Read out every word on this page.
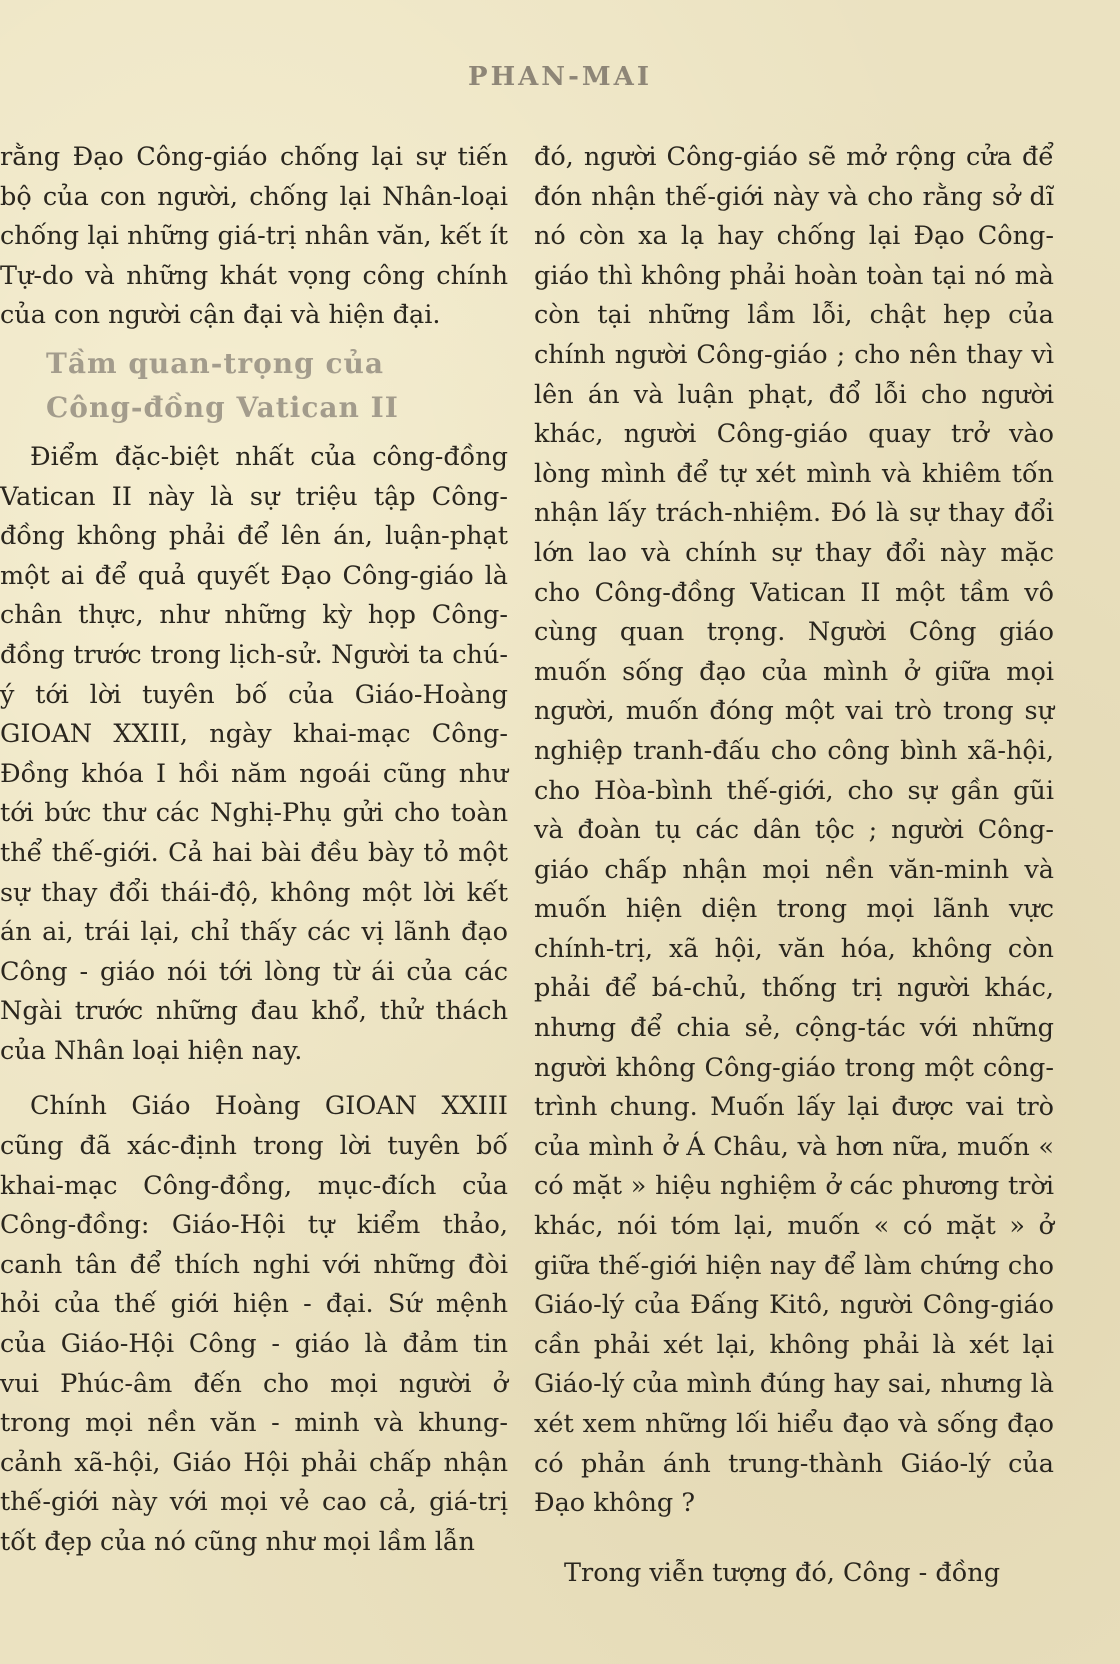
PHAN-MAI

rằng Đạo Công-giáo chống lại sự tiến bộ của con người, chống lại Nhân-loại chống lại những giá-trị nhân văn, kết ít Tự-do và những khát vọng công chính của con người cận đại và hiện đại.

Tầm quan-trọng của
Công-đồng Vatican II

Điểm đặc-biệt nhất của công-đồng Vatican II này là sự triệu tập Công-đồng không phải để lên án, luận-phạt một ai để quả quyết Đạo Công-giáo là chân thực, như những kỳ họp Công-đồng trước trong lịch-sử. Người ta chú-ý tới lời tuyên bố của Giáo-Hoàng GIOAN XXIII, ngày khai-mạc Công-Đồng khóa I hồi năm ngoái cũng như tới bức thư các Nghị-Phụ gửi cho toàn thể thế-giới. Cả hai bài đều bày tỏ một sự thay đổi thái-độ, không một lời kết án ai, trái lại, chỉ thấy các vị lãnh đạo Công - giáo nói tới lòng từ ái của các Ngài trước những đau khổ, thử thách của Nhân loại hiện nay.

Chính Giáo Hoàng GIOAN XXIII cũng đã xác-định trong lời tuyên bố khai-mạc Công-đồng, mục-đích của Công-đồng: Giáo-Hội tự kiểm thảo, canh tân để thích nghi với những đòi hỏi của thế giới hiện - đại. Sứ mệnh của Giáo-Hội Công - giáo là đảm tin vui Phúc-âm đến cho mọi người ở trong mọi nền văn - minh và khung-cảnh xã-hội, Giáo Hội phải chấp nhận thế-giới này với mọi vẻ cao cả, giá-trị tốt đẹp của nó cũng như mọi lầm lẫn

đó, người Công-giáo sẽ mở rộng cửa để đón nhận thế-giới này và cho rằng sở dĩ nó còn xa lạ hay chống lại Đạo Công-giáo thì không phải hoàn toàn tại nó mà còn tại những lầm lỗi, chật hẹp của chính người Công-giáo ; cho nên thay vì lên án và luận phạt, đổ lỗi cho người khác, người Công-giáo quay trở vào lòng mình để tự xét mình và khiêm tốn nhận lấy trách-nhiệm. Đó là sự thay đổi lớn lao và chính sự thay đổi này mặc cho Công-đồng Vatican II một tầm vô cùng quan trọng. Người Công giáo muốn sống đạo của mình ở giữa mọi người, muốn đóng một vai trò trong sự nghiệp tranh-đấu cho công bình xã-hội, cho Hòa-bình thế-giới, cho sự gần gũi và đoàn tụ các dân tộc ; người Công-giáo chấp nhận mọi nền văn-minh và muốn hiện diện trong mọi lãnh vực chính-trị, xã hội, văn hóa, không còn phải để bá-chủ, thống trị người khác, nhưng để chia sẻ, cộng-tác với những người không Công-giáo trong một công-trình chung. Muốn lấy lại được vai trò của mình ở Á Châu, và hơn nữa, muốn « có mặt » hiệu nghiệm ở các phương trời khác, nói tóm lại, muốn « có mặt » ở giữa thế-giới hiện nay để làm chứng cho Giáo-lý của Đấng Kitô, người Công-giáo cần phải xét lại, không phải là xét lại Giáo-lý của mình đúng hay sai, nhưng là xét xem những lối hiểu đạo và sống đạo có phản ánh trung-thành Giáo-lý của Đạo không ?

Trong viễn tượng đó, Công - đồng
